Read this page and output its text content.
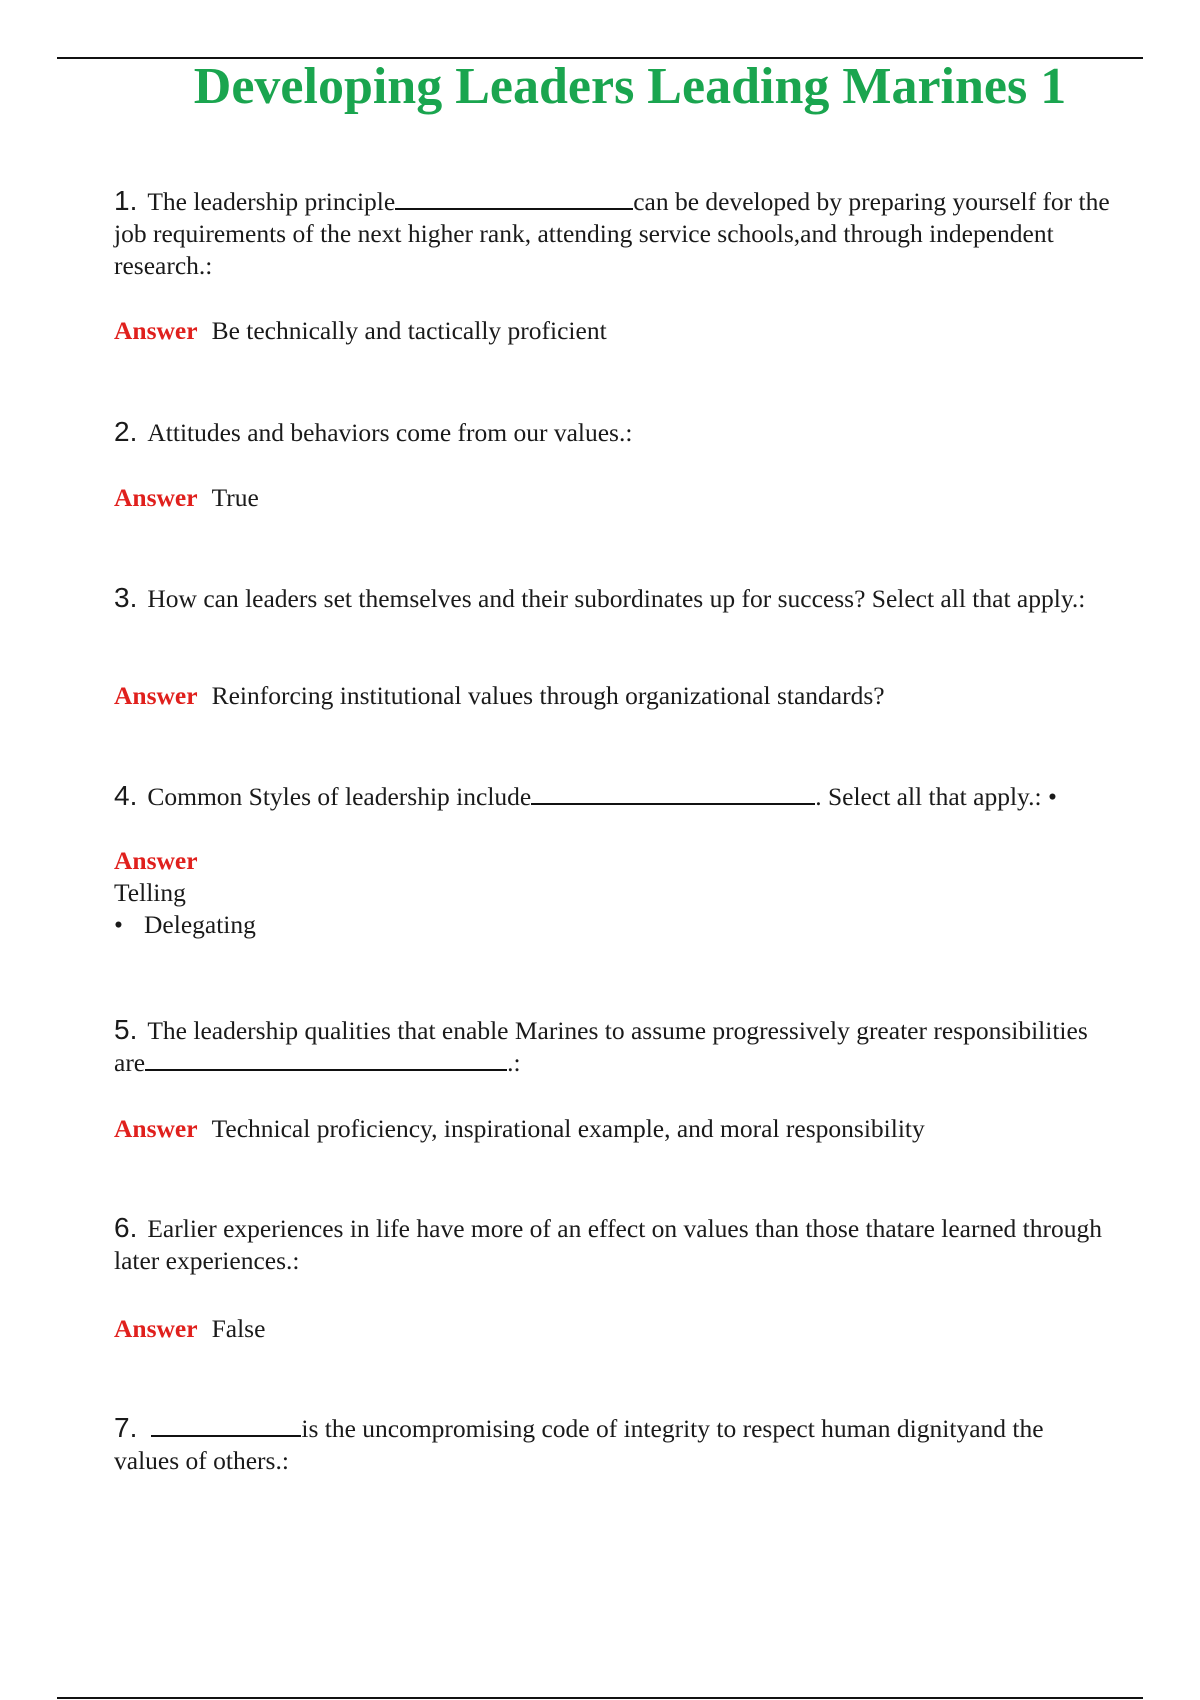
Developing Leaders Leading Marines 1
1. The leadership principle	can be developed by preparing yourself for the job requirements of the next higher rank, attending service schools,and through independent research.:
Answer Be technically and tactically proficient
2. Attitudes and behaviors come from our values.:
Answer True
3. How can leaders set themselves and their subordinates up for success? Select all that apply.:
Answer Reinforcing institutional values through organizational standards?
4. Common Styles of leadership include	. Select all that apply.: •
Answer
Telling
• Delegating
5. The leadership qualities that enable Marines to assume progressively greater responsibilities are	.:
Answer Technical proficiency, inspirational example, and moral responsibility
6. Earlier experiences in life have more of an effect on values than those thatare learned through later experiences.:
Answer False
7.	is the uncompromising code of integrity to respect human dignityand the values of others.:
